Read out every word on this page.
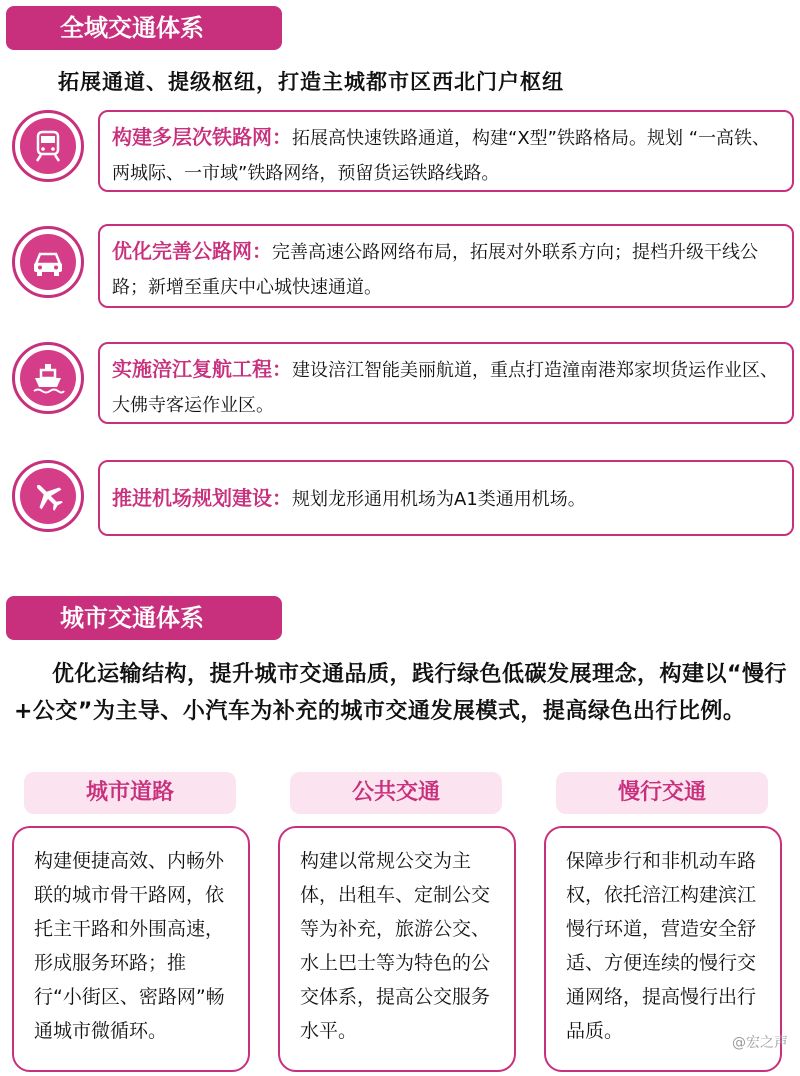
全域交通体系
拓展通道、提级枢纽，打造主城都市区西北门户枢纽
构建多层次铁路网：拓展高快速铁路通道，构建“X型”铁路格局。规划 “一高铁、两城际、一市域”铁路网络，预留货运铁路线路。
优化完善公路网：完善高速公路网络布局，拓展对外联系方向；提档升级干线公路；新增至重庆中心城快速通道。
实施涪江复航工程：建设涪江智能美丽航道，重点打造潼南港郑家坝货运作业区、大佛寺客运作业区。
推进机场规划建设：规划龙形通用机场为A1类通用机场。
城市交通体系
优化运输结构，提升城市交通品质，践行绿色低碳发展理念，构建以“慢行+公交”为主导、小汽车为补充的城市交通发展模式，提高绿色出行比例。
城市道路	公共交通	慢行交通
构建便捷高效、内畅外联的城市骨干路网，依托主干路和外围高速，形成服务环路；推行“小街区、密路网”畅通城市微循环。
构建以常规公交为主体，出租车、定制公交等为补充，旅游公交、水上巴士等为特色的公交体系，提高公交服务水平。
保障步行和非机动车路权，依托涪江构建滨江慢行环道，营造安全舒适、方便连续的慢行交通网络，提高慢行出行品质。
@宏之声
